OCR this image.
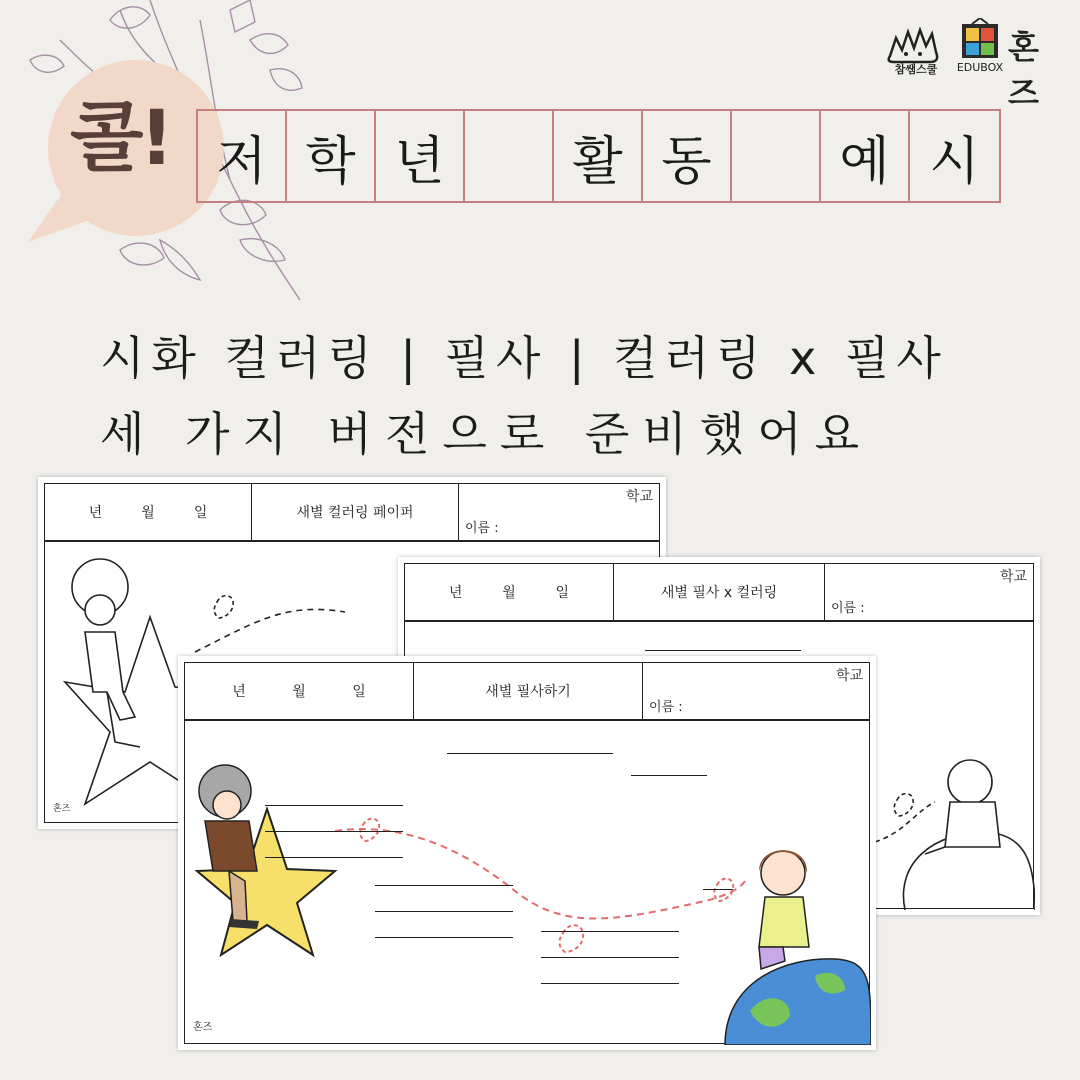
콜! 저 학 년	활 동	예 시
참쌤스쿨	EDUBOX
혼즈
시화 컬러링 | 필사 | 컬러링 x 필사
세 가지 버전으로 준비했어요
년	월	일	새별 컬러링 페이퍼
학교
이름 :
혼즈
년	월	일	새별 필사 x 컬러링
학교
이름 :
년	월	일	새별 필사하기
학교
이름 :
혼즈
